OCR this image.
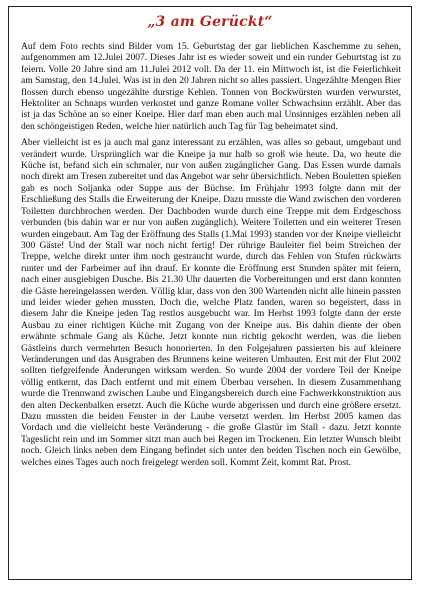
„3 am Gerückt“

Auf dem Foto rechts sind Bilder vom 15. Geburtstag der gar lieblichen Kaschemme zu sehen, aufgenommen am 12.Julei 2007. Dieses Jahr ist es wieder soweit und ein runder Geburtstag ist zu feiern. Volle 20 Jahre sind am 11.Julei 2012 voll. Da der 11. ein Mittwoch ist, ist die Feierlichkeit am Samstag, den 14.Julei. Was ist in den 20 Jahren nicht so alles passiert. Ungezählte Mengen Bier flossen durch ebenso ungezählte durstige Kehlen. Tonnen von Bockwürsten wurden verwurstet, Hektoliter an Schnaps wurden verkostet und ganze Romane voller Schwachsinn erzählt. Aber das ist ja das Schöne an so einer Kneipe. Hier darf man eben auch mal Unsinniges erzählen neben all den schöngeistigen Reden, welche hier natürlich auch Tag für Tag beheimatet sind.

Aber vielleicht ist es ja auch mal ganz interessant zu erzählen, was alles so gebaut, umgebaut und verändert wurde. Ursprünglich war die Kneipe ja nur halb so groß wie heute. Da, wo heute die Küche ist, befand sich ein schmaler, nur von außen zugänglicher Gang. Das Essen wurde damals noch direkt am Tresen zubereitet und das Angebot war sehr übersichtlich. Neben Bouletten spießen gab es noch Soljanka oder Suppe aus der Büchse. Im Frühjahr 1993 folgte dann mit der Erschließung des Stalls die Erweiterung der Kneipe. Dazu musste die Wand zwischen den vorderen Toiletten durchbrochen werden. Der Dachboden wurde durch eine Treppe mit dem Erdgeschoss verbunden (bis dahin war er nur von außen zugänglich). Weitere Toiletten und ein weiterer Tresen wurden eingebaut. Am Tag der Eröffnung des Stalls (1.Mai 1993) standen vor der Kneipe vielleicht 300 Gäste! Und der Stall war noch nicht fertig! Der rührige Bauleiter fiel beim Streichen der Treppe, welche direkt unter ihm noch gestraucht wurde, durch das Fehlen von Stufen rückwärts runter und der Farbeimer auf ihn drauf. Er konnte die Eröffnung erst Stunden später mit feiern, nach einer ausgiebigen Dusche. Bis 21.30 Uhr dauerten die Vorbereitungen und erst dann konnten die Gäste hereingelassen werden. Völlig klar, dass von den 300 Wartenden nicht alle hinein passten und leider wieder gehen mussten. Doch die, welche Platz fanden, waren so begeistert, dass in diesem Jahr die Kneipe jeden Tag restlos ausgebucht war. Im Herbst 1993 folgte dann der erste Ausbau zu einer richtigen Küche mit Zugang von der Kneipe aus. Bis dahin diente der oben erwähnte schmale Gang als Küche. Jetzt konnte nun richtig gekocht werden, was die lieben Gästleins durch vermehrten Besuch honorierten. In den Folgejahren passierten bis auf kleinere Veränderungen und das Ausgraben des Brunnens keine weiteren Umbauten. Erst mit der Flut 2002 sollten tiefgreifende Änderungen wirksam werden. So wurde 2004 der vordere Teil der Kneipe völlig entkernt, das Dach entfernt und mit einem Überbau versehen. In diesem Zusammenhang wurde die Trennwand zwischen Laube und Eingangsbereich durch eine Fachwerkkonstruktion aus den alten Deckenbalken ersetzt. Auch die Küche wurde abgerissen und durch eine größere ersetzt. Dazu mussten die beiden Fenster in der Laube versetzt werden. Im Herbst 2005 kamen das Vordach und die vielleicht beste Veränderung - die große Glastür im Stall - dazu. Jetzt konnte Tageslicht rein und im Sommer sitzt man auch bei Regen im Trockenen. Ein letzter Wunsch bleibt noch. Gleich links neben dem Eingang befindet sich unter den beiden Tischen noch ein Gewölbe, welches eines Tages auch noch freigelegt werden soll. Kommt Zeit, kommt Rat. Prost.
